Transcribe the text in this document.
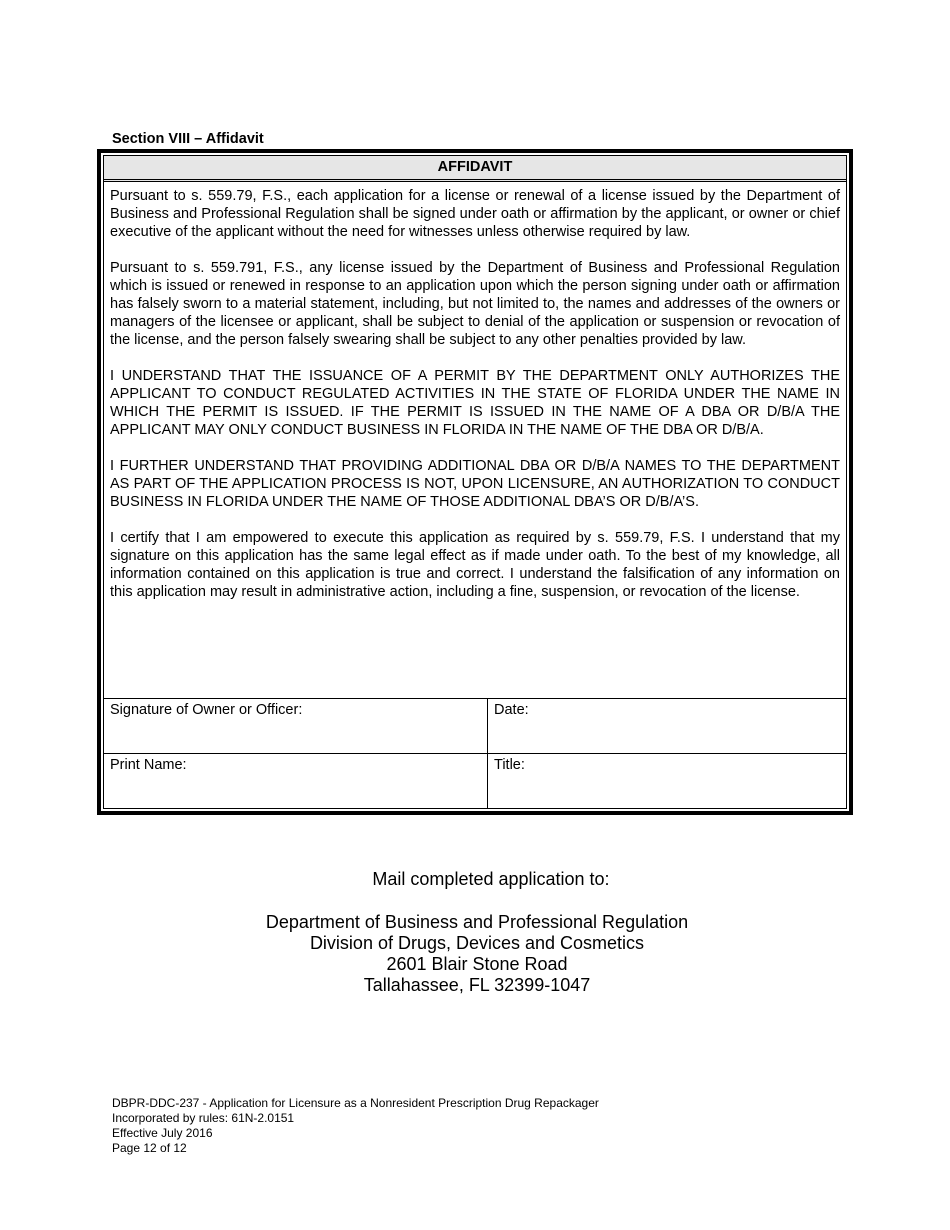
Section VIII – Affidavit
AFFIDAVIT

Pursuant to s. 559.79, F.S., each application for a license or renewal of a license issued by the Department of Business and Professional Regulation shall be signed under oath or affirmation by the applicant, or owner or chief executive of the applicant without the need for witnesses unless otherwise required by law.

Pursuant to s. 559.791, F.S., any license issued by the Department of Business and Professional Regulation which is issued or renewed in response to an application upon which the person signing under oath or affirmation has falsely sworn to a material statement, including, but not limited to, the names and addresses of the owners or managers of the licensee or applicant, shall be subject to denial of the application or suspension or revocation of the license, and the person falsely swearing shall be subject to any other penalties provided by law.

I UNDERSTAND THAT THE ISSUANCE OF A PERMIT BY THE DEPARTMENT ONLY AUTHORIZES THE APPLICANT TO CONDUCT REGULATED ACTIVITIES IN THE STATE OF FLORIDA UNDER THE NAME IN WHICH THE PERMIT IS ISSUED. IF THE PERMIT IS ISSUED IN THE NAME OF A DBA OR D/B/A THE APPLICANT MAY ONLY CONDUCT BUSINESS IN FLORIDA IN THE NAME OF THE DBA OR D/B/A.

I FURTHER UNDERSTAND THAT PROVIDING ADDITIONAL DBA OR D/B/A NAMES TO THE DEPARTMENT AS PART OF THE APPLICATION PROCESS IS NOT, UPON LICENSURE, AN AUTHORIZATION TO CONDUCT BUSINESS IN FLORIDA UNDER THE NAME OF THOSE ADDITIONAL DBA’S OR D/B/A’S.

I certify that I am empowered to execute this application as required by s. 559.79, F.S. I understand that my signature on this application has the same legal effect as if made under oath. To the best of my knowledge, all information contained on this application is true and correct. I understand the falsification of any information on this application may result in administrative action, including a fine, suspension, or revocation of the license.

Signature of Owner or Officer:	Date:
Print Name:	Title:
Mail completed application to:
Department of Business and Professional Regulation
Division of Drugs, Devices and Cosmetics
2601 Blair Stone Road
Tallahassee, FL 32399-1047
DBPR-DDC-237 - Application for Licensure as a Nonresident Prescription Drug Repackager
Incorporated by rules: 61N-2.0151
Effective July 2016
Page 12 of 12
